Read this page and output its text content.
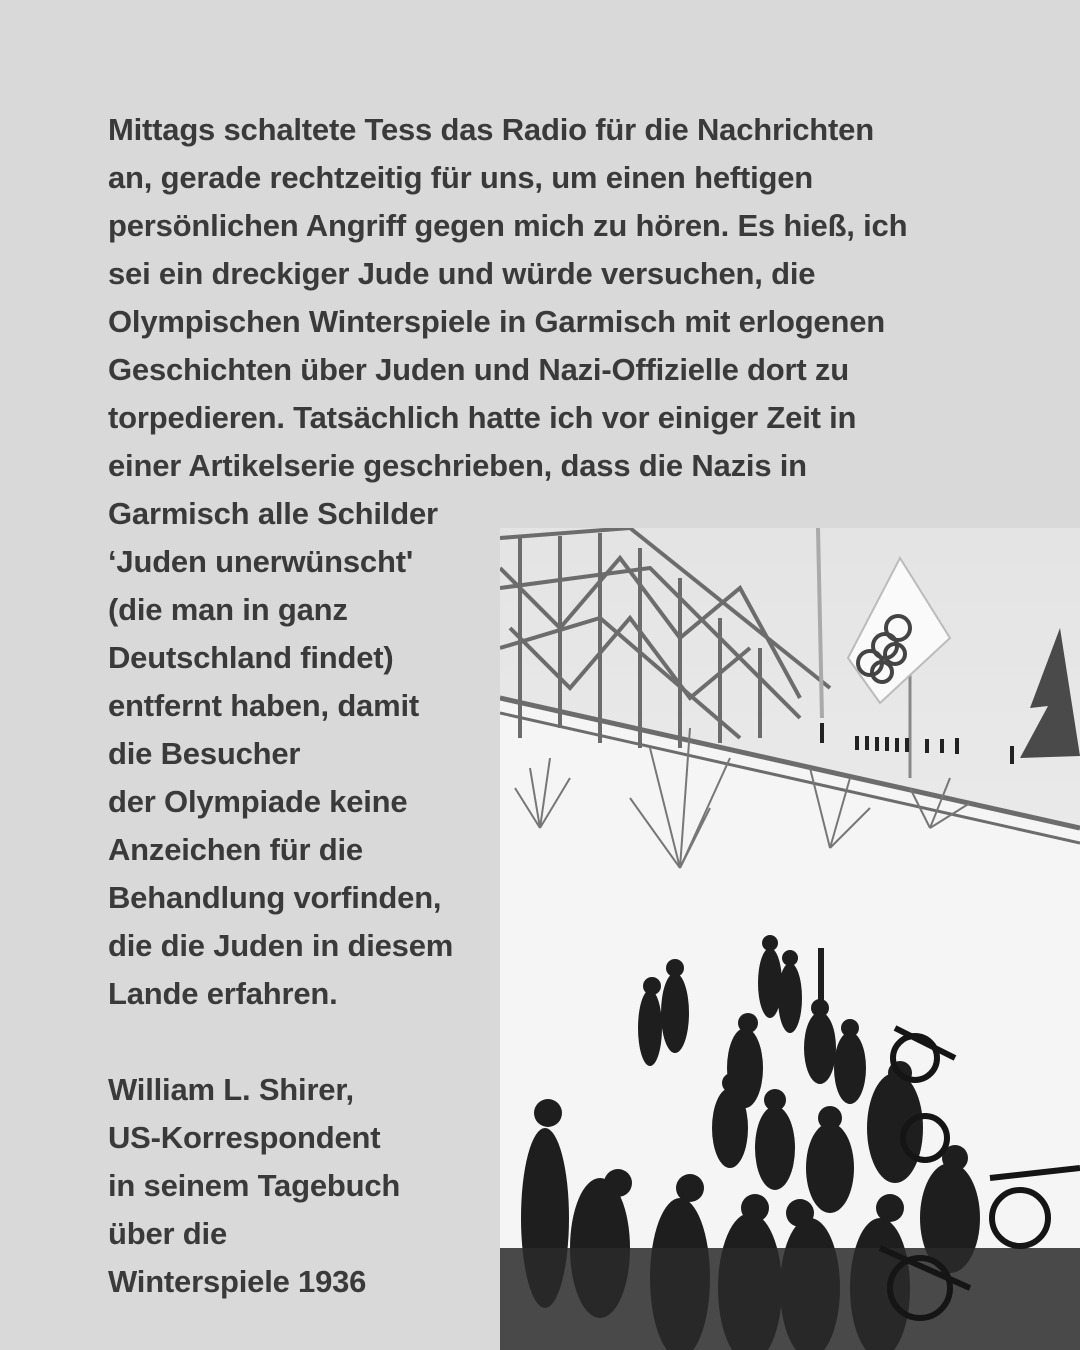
Mittags schaltete Tess das Radio für die Nachrichten
an, gerade rechtzeitig für uns, um einen heftigen
persönlichen Angriff gegen mich zu hören. Es hieß, ich
sei ein dreckiger Jude und würde versuchen, die
Olympischen Winterspiele in Garmisch mit erlogenen
Geschichten über Juden und Nazi-Offizielle dort zu
torpedieren. Tatsächlich hatte ich vor einiger Zeit in
einer Artikelserie geschrieben, dass die Nazis in
Garmisch alle Schilder
‘Juden unerwünscht'
(die man in ganz
Deutschland findet)
entfernt haben, damit
die Besucher
der Olympiade keine
Anzeichen für die
Behandlung vorfinden,
die die Juden in diesem
Lande erfahren.
William L. Shirer,
US-Korrespondent
in seinem Tagebuch
über die
Winterspiele 1936
